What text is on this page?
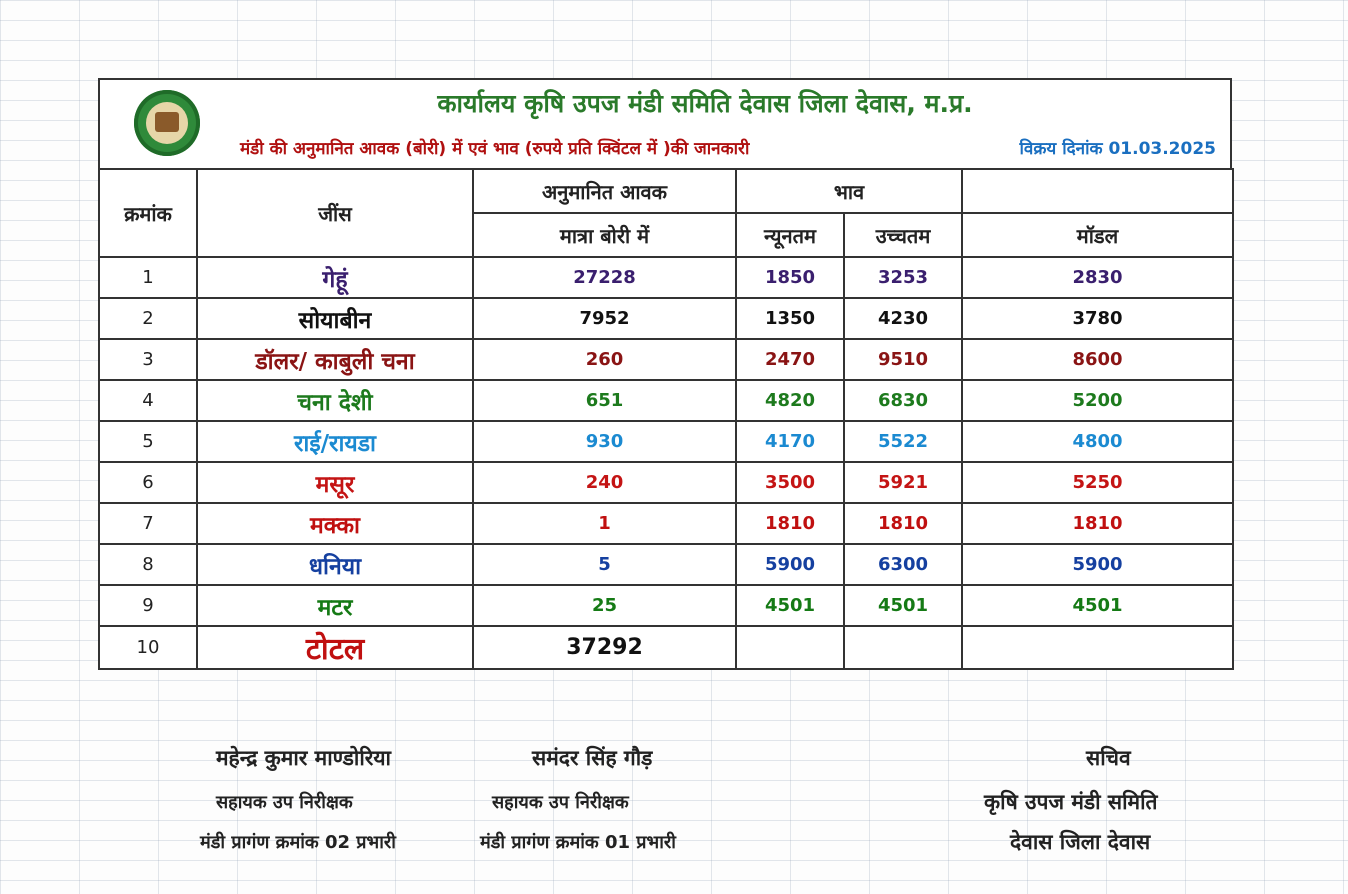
कार्यालय कृषि उपज मंडी समिति देवास जिला देवास, म.प्र.
मंडी की अनुमानित आवक (बोरी) में एवं भाव (रुपये प्रति क्विंटल में )की जानकारी	विक्रय दिनांक 01.03.2025
क्रमांक	जींस	अनुमानित आवक	भाव		
		मात्रा बोरी में	न्यूनतम	उच्चतम	मॉडल
1	गेहूं	27228	1850	3253	2830
2	सोयाबीन	7952	1350	4230	3780
3	डॉलर/ काबुली चना	260	2470	9510	8600
4	चना देशी	651	4820	6830	5200
5	राई/रायडा	930	4170	5522	4800
6	मसूर	240	3500	5921	5250
7	मक्का	1	1810	1810	1810
8	धनिया	5	5900	6300	5900
9	मटर	25	4501	4501	4501
10	टोटल	37292			
महेन्द्र कुमार माण्डोरिया
सहायक उप निरीक्षक
मंडी प्रागंण क्रमांक 02 प्रभारी
समंदर सिंह गौड़
सहायक उप निरीक्षक
मंडी प्रागंण क्रमांक 01 प्रभारी
सचिव
कृषि उपज मंडी समिति
देवास जिला देवास
